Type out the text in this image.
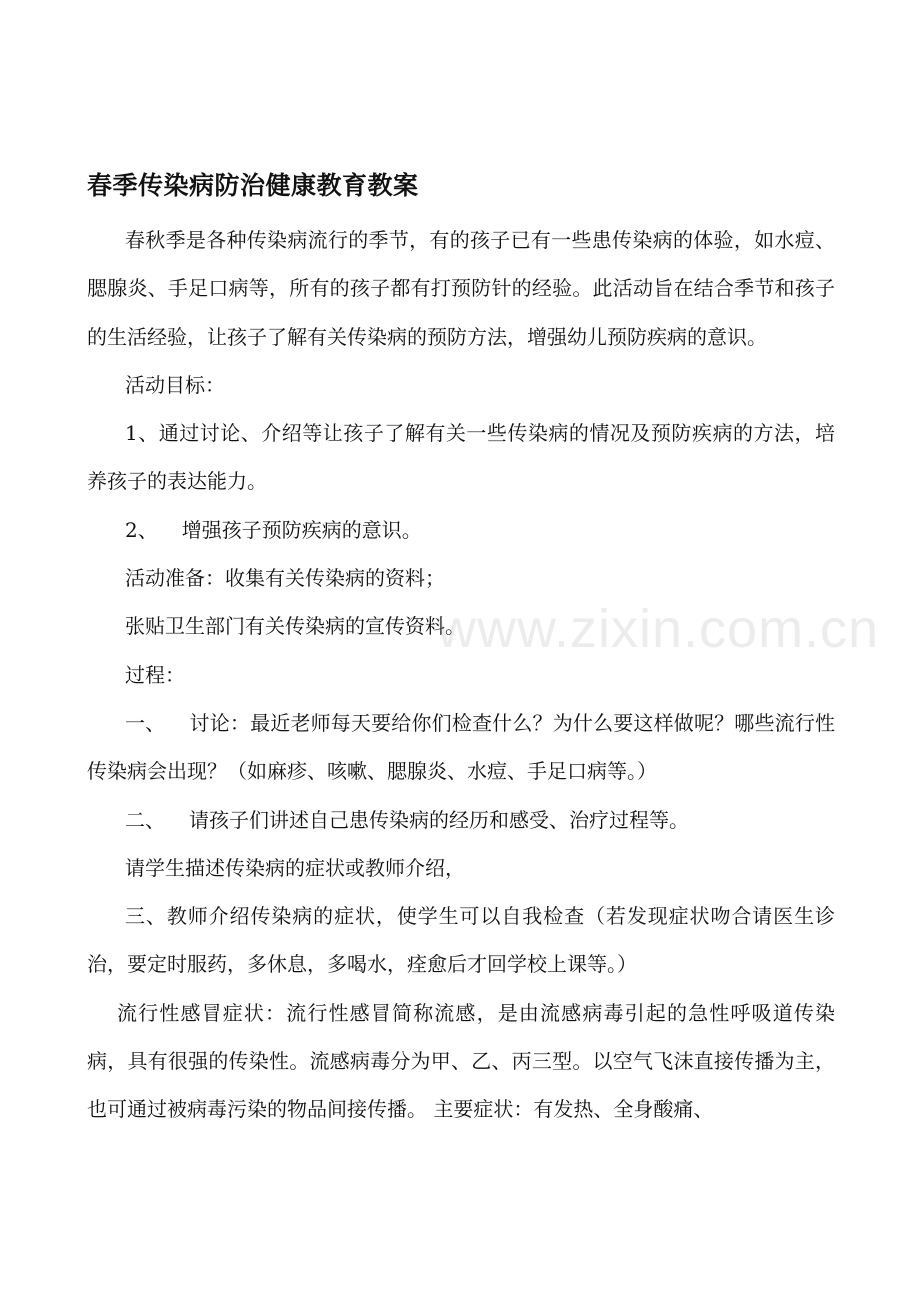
春季传染病防治健康教育教案

春秋季是各种传染病流行的季节，有的孩子已有一些患传染病的体验，如水痘、腮腺炎、手足口病等，所有的孩子都有打预防针的经验。此活动旨在结合季节和孩子的生活经验，让孩子了解有关传染病的预防方法，增强幼儿预防疾病的意识。

活动目标：

1、通过讨论、介绍等让孩子了解有关一些传染病的情况及预防疾病的方法，培养孩子的表达能力。

2、 增强孩子预防疾病的意识。

活动准备：收集有关传染病的资料；

张贴卫生部门有关传染病的宣传资料。

过程：

一、 讨论：最近老师每天要给你们检查什么？为什么要这样做呢？哪些流行性传染病会出现？（如麻疹、咳嗽、腮腺炎、水痘、手足口病等。）

二、 请孩子们讲述自己患传染病的经历和感受、治疗过程等。

请学生描述传染病的症状或教师介绍，

三、教师介绍传染病的症状，使学生可以自我检查（若发现症状吻合请医生诊治，要定时服药，多休息，多喝水，痊愈后才回学校上课等。）

流行性感冒症状：流行性感冒简称流感，是由流感病毒引起的急性呼吸道传染病，具有很强的传染性。流感病毒分为甲、乙、丙三型。以空气飞沫直接传播为主，也可通过被病毒污染的物品间接传播。 主要症状：有发热、全身酸痛、

www.zixin.com.cn
